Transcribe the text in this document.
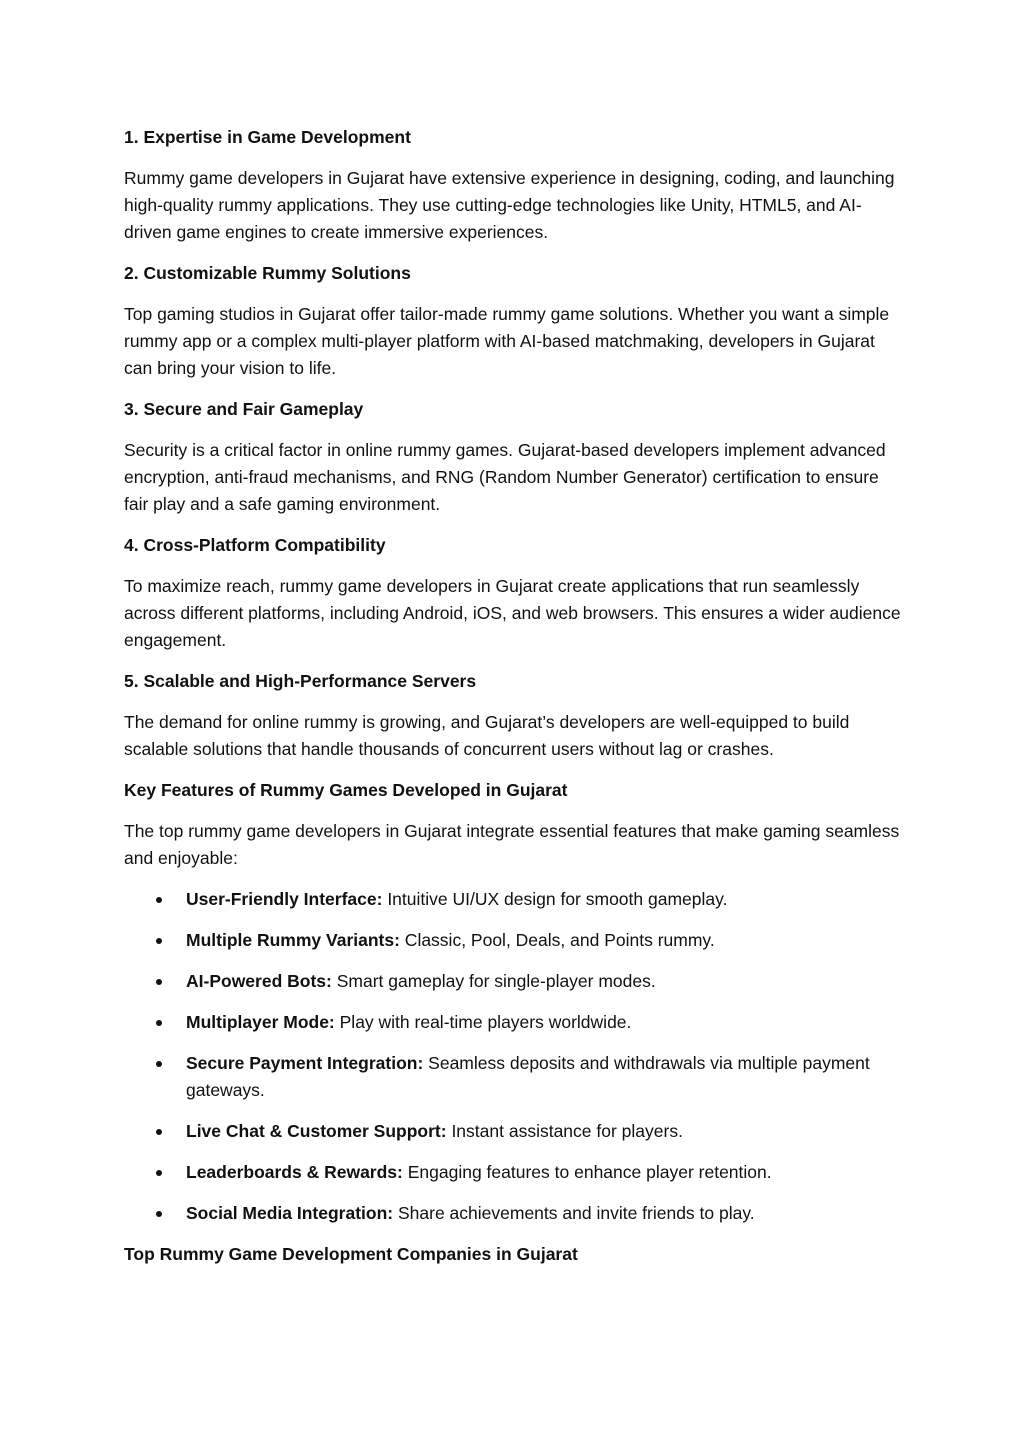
1. Expertise in Game Development

Rummy game developers in Gujarat have extensive experience in designing, coding, and launching high-quality rummy applications. They use cutting-edge technologies like Unity, HTML5, and AI-driven game engines to create immersive experiences.

2. Customizable Rummy Solutions

Top gaming studios in Gujarat offer tailor-made rummy game solutions. Whether you want a simple rummy app or a complex multi-player platform with AI-based matchmaking, developers in Gujarat can bring your vision to life.

3. Secure and Fair Gameplay

Security is a critical factor in online rummy games. Gujarat-based developers implement advanced encryption, anti-fraud mechanisms, and RNG (Random Number Generator) certification to ensure fair play and a safe gaming environment.

4. Cross-Platform Compatibility

To maximize reach, rummy game developers in Gujarat create applications that run seamlessly across different platforms, including Android, iOS, and web browsers. This ensures a wider audience engagement.

5. Scalable and High-Performance Servers

The demand for online rummy is growing, and Gujarat’s developers are well-equipped to build scalable solutions that handle thousands of concurrent users without lag or crashes.

Key Features of Rummy Games Developed in Gujarat

The top rummy game developers in Gujarat integrate essential features that make gaming seamless and enjoyable:

User-Friendly Interface: Intuitive UI/UX design for smooth gameplay.
Multiple Rummy Variants: Classic, Pool, Deals, and Points rummy.
AI-Powered Bots: Smart gameplay for single-player modes.
Multiplayer Mode: Play with real-time players worldwide.
Secure Payment Integration: Seamless deposits and withdrawals via multiple payment gateways.
Live Chat & Customer Support: Instant assistance for players.
Leaderboards & Rewards: Engaging features to enhance player retention.
Social Media Integration: Share achievements and invite friends to play.

Top Rummy Game Development Companies in Gujarat
